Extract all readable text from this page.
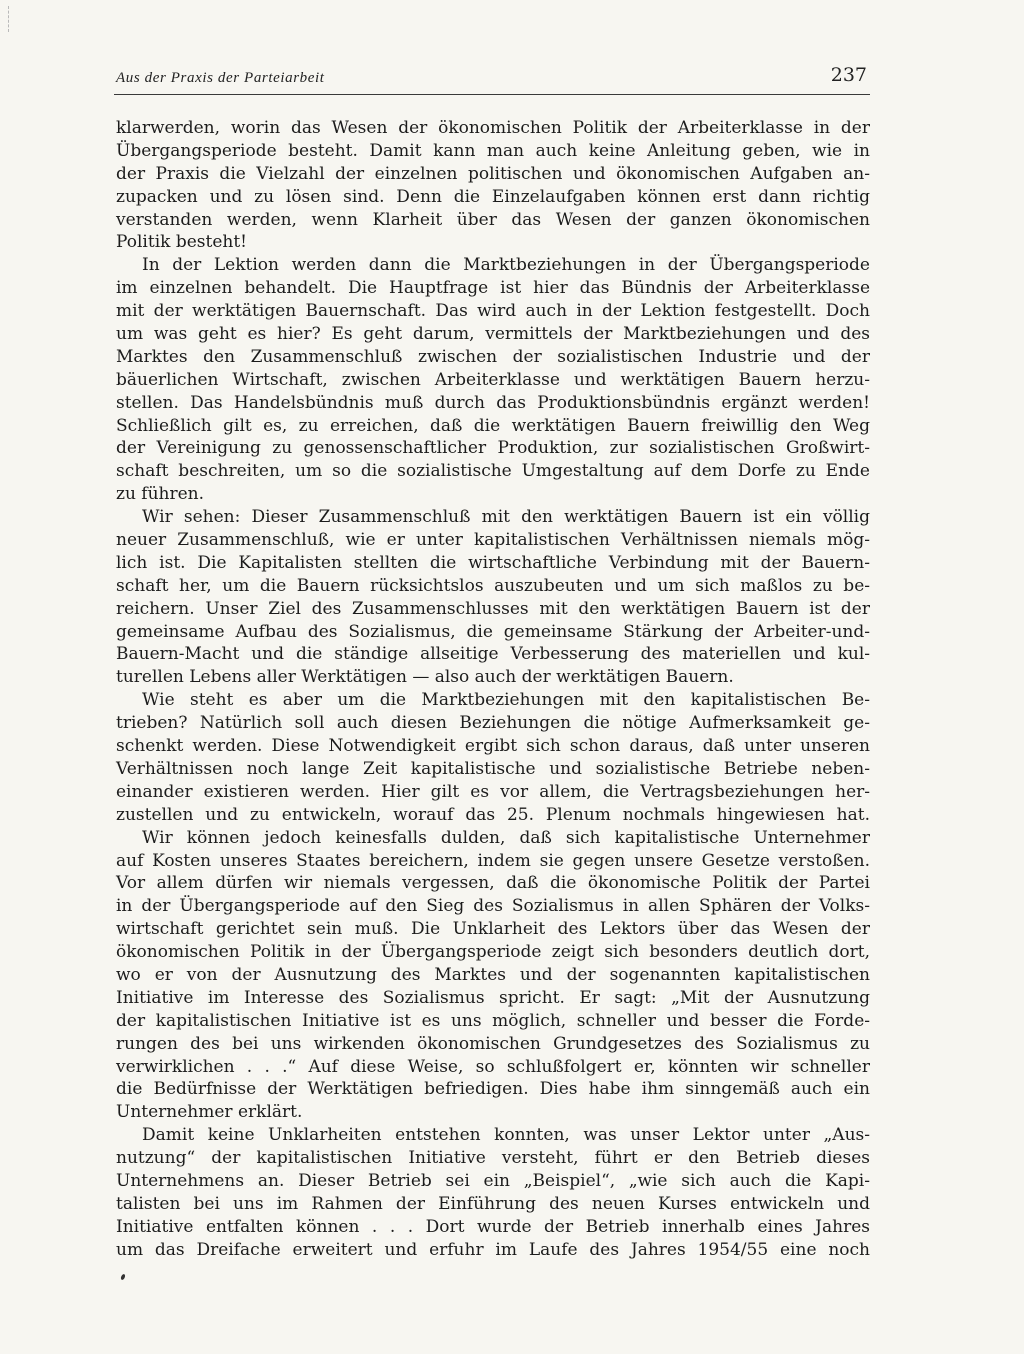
Aus der Praxis der Parteiarbeit	237
klarwerden, worin das Wesen der ökonomischen Politik der Arbeiterklasse in der
Übergangsperiode besteht. Damit kann man auch keine Anleitung geben, wie in
der Praxis die Vielzahl der einzelnen politischen und ökonomischen Aufgaben an-
zupacken und zu lösen sind. Denn die Einzelaufgaben können erst dann richtig
verstanden werden, wenn Klarheit über das Wesen der ganzen ökonomischen
Politik besteht!
In der Lektion werden dann die Marktbeziehungen in der Übergangsperiode
im einzelnen behandelt. Die Hauptfrage ist hier das Bündnis der Arbeiterklasse
mit der werktätigen Bauernschaft. Das wird auch in der Lektion festgestellt. Doch
um was geht es hier? Es geht darum, vermittels der Marktbeziehungen und des
Marktes den Zusammenschluß zwischen der sozialistischen Industrie und der
bäuerlichen Wirtschaft, zwischen Arbeiterklasse und werktätigen Bauern herzu-
stellen. Das Handelsbündnis muß durch das Produktionsbündnis ergänzt werden!
Schließlich gilt es, zu erreichen, daß die werktätigen Bauern freiwillig den Weg
der Vereinigung zu genossenschaftlicher Produktion, zur sozialistischen Großwirt-
schaft beschreiten, um so die sozialistische Umgestaltung auf dem Dorfe zu Ende
zu führen.
Wir sehen: Dieser Zusammenschluß mit den werktätigen Bauern ist ein völlig
neuer Zusammenschluß, wie er unter kapitalistischen Verhältnissen niemals mög-
lich ist. Die Kapitalisten stellten die wirtschaftliche Verbindung mit der Bauern-
schaft her, um die Bauern rücksichtslos auszubeuten und um sich maßlos zu be-
reichern. Unser Ziel des Zusammenschlusses mit den werktätigen Bauern ist der
gemeinsame Aufbau des Sozialismus, die gemeinsame Stärkung der Arbeiter-und-
Bauern-Macht und die ständige allseitige Verbesserung des materiellen und kul-
turellen Lebens aller Werktätigen — also auch der werktätigen Bauern.
Wie steht es aber um die Marktbeziehungen mit den kapitalistischen Be-
trieben? Natürlich soll auch diesen Beziehungen die nötige Aufmerksamkeit ge-
schenkt werden. Diese Notwendigkeit ergibt sich schon daraus, daß unter unseren
Verhältnissen noch lange Zeit kapitalistische und sozialistische Betriebe neben-
einander existieren werden. Hier gilt es vor allem, die Vertragsbeziehungen her-
zustellen und zu entwickeln, worauf das 25. Plenum nochmals hingewiesen hat.
Wir können jedoch keinesfalls dulden, daß sich kapitalistische Unternehmer
auf Kosten unseres Staates bereichern, indem sie gegen unsere Gesetze verstoßen.
Vor allem dürfen wir niemals vergessen, daß die ökonomische Politik der Partei
in der Übergangsperiode auf den Sieg des Sozialismus in allen Sphären der Volks-
wirtschaft gerichtet sein muß. Die Unklarheit des Lektors über das Wesen der
ökonomischen Politik in der Übergangsperiode zeigt sich besonders deutlich dort,
wo er von der Ausnutzung des Marktes und der sogenannten kapitalistischen
Initiative im Interesse des Sozialismus spricht. Er sagt: „Mit der Ausnutzung
der kapitalistischen Initiative ist es uns möglich, schneller und besser die Forde-
rungen des bei uns wirkenden ökonomischen Grundgesetzes des Sozialismus zu
verwirklichen . . .“ Auf diese Weise, so schlußfolgert er, könnten wir schneller
die Bedürfnisse der Werktätigen befriedigen. Dies habe ihm sinngemäß auch ein
Unternehmer erklärt.
Damit keine Unklarheiten entstehen konnten, was unser Lektor unter „Aus-
nutzung“ der kapitalistischen Initiative versteht, führt er den Betrieb dieses
Unternehmens an. Dieser Betrieb sei ein „Beispiel“, „wie sich auch die Kapi-
talisten bei uns im Rahmen der Einführung des neuen Kurses entwickeln und
Initiative entfalten können . . . Dort wurde der Betrieb innerhalb eines Jahres
um das Dreifache erweitert und erfuhr im Laufe des Jahres 1954/55 eine noch
